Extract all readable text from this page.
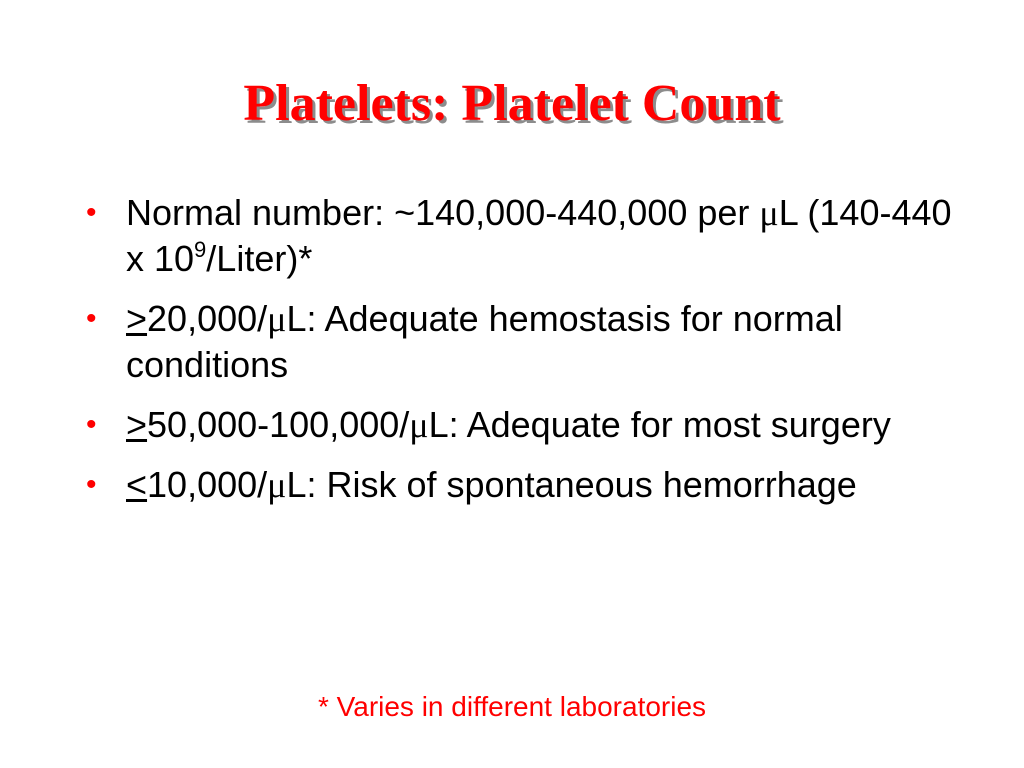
Platelets: Platelet Count
• Normal number: ~140,000-440,000 per μL (140-440 x $10^9/Liter)*$
• >20,000/μL: Adequate hemostasis for normal conditions
• >50,000-100,000/μL: Adequate for most surgery
• <10,000/μL: Risk of spontaneous hemorrhage

* Varies in different laboratories
